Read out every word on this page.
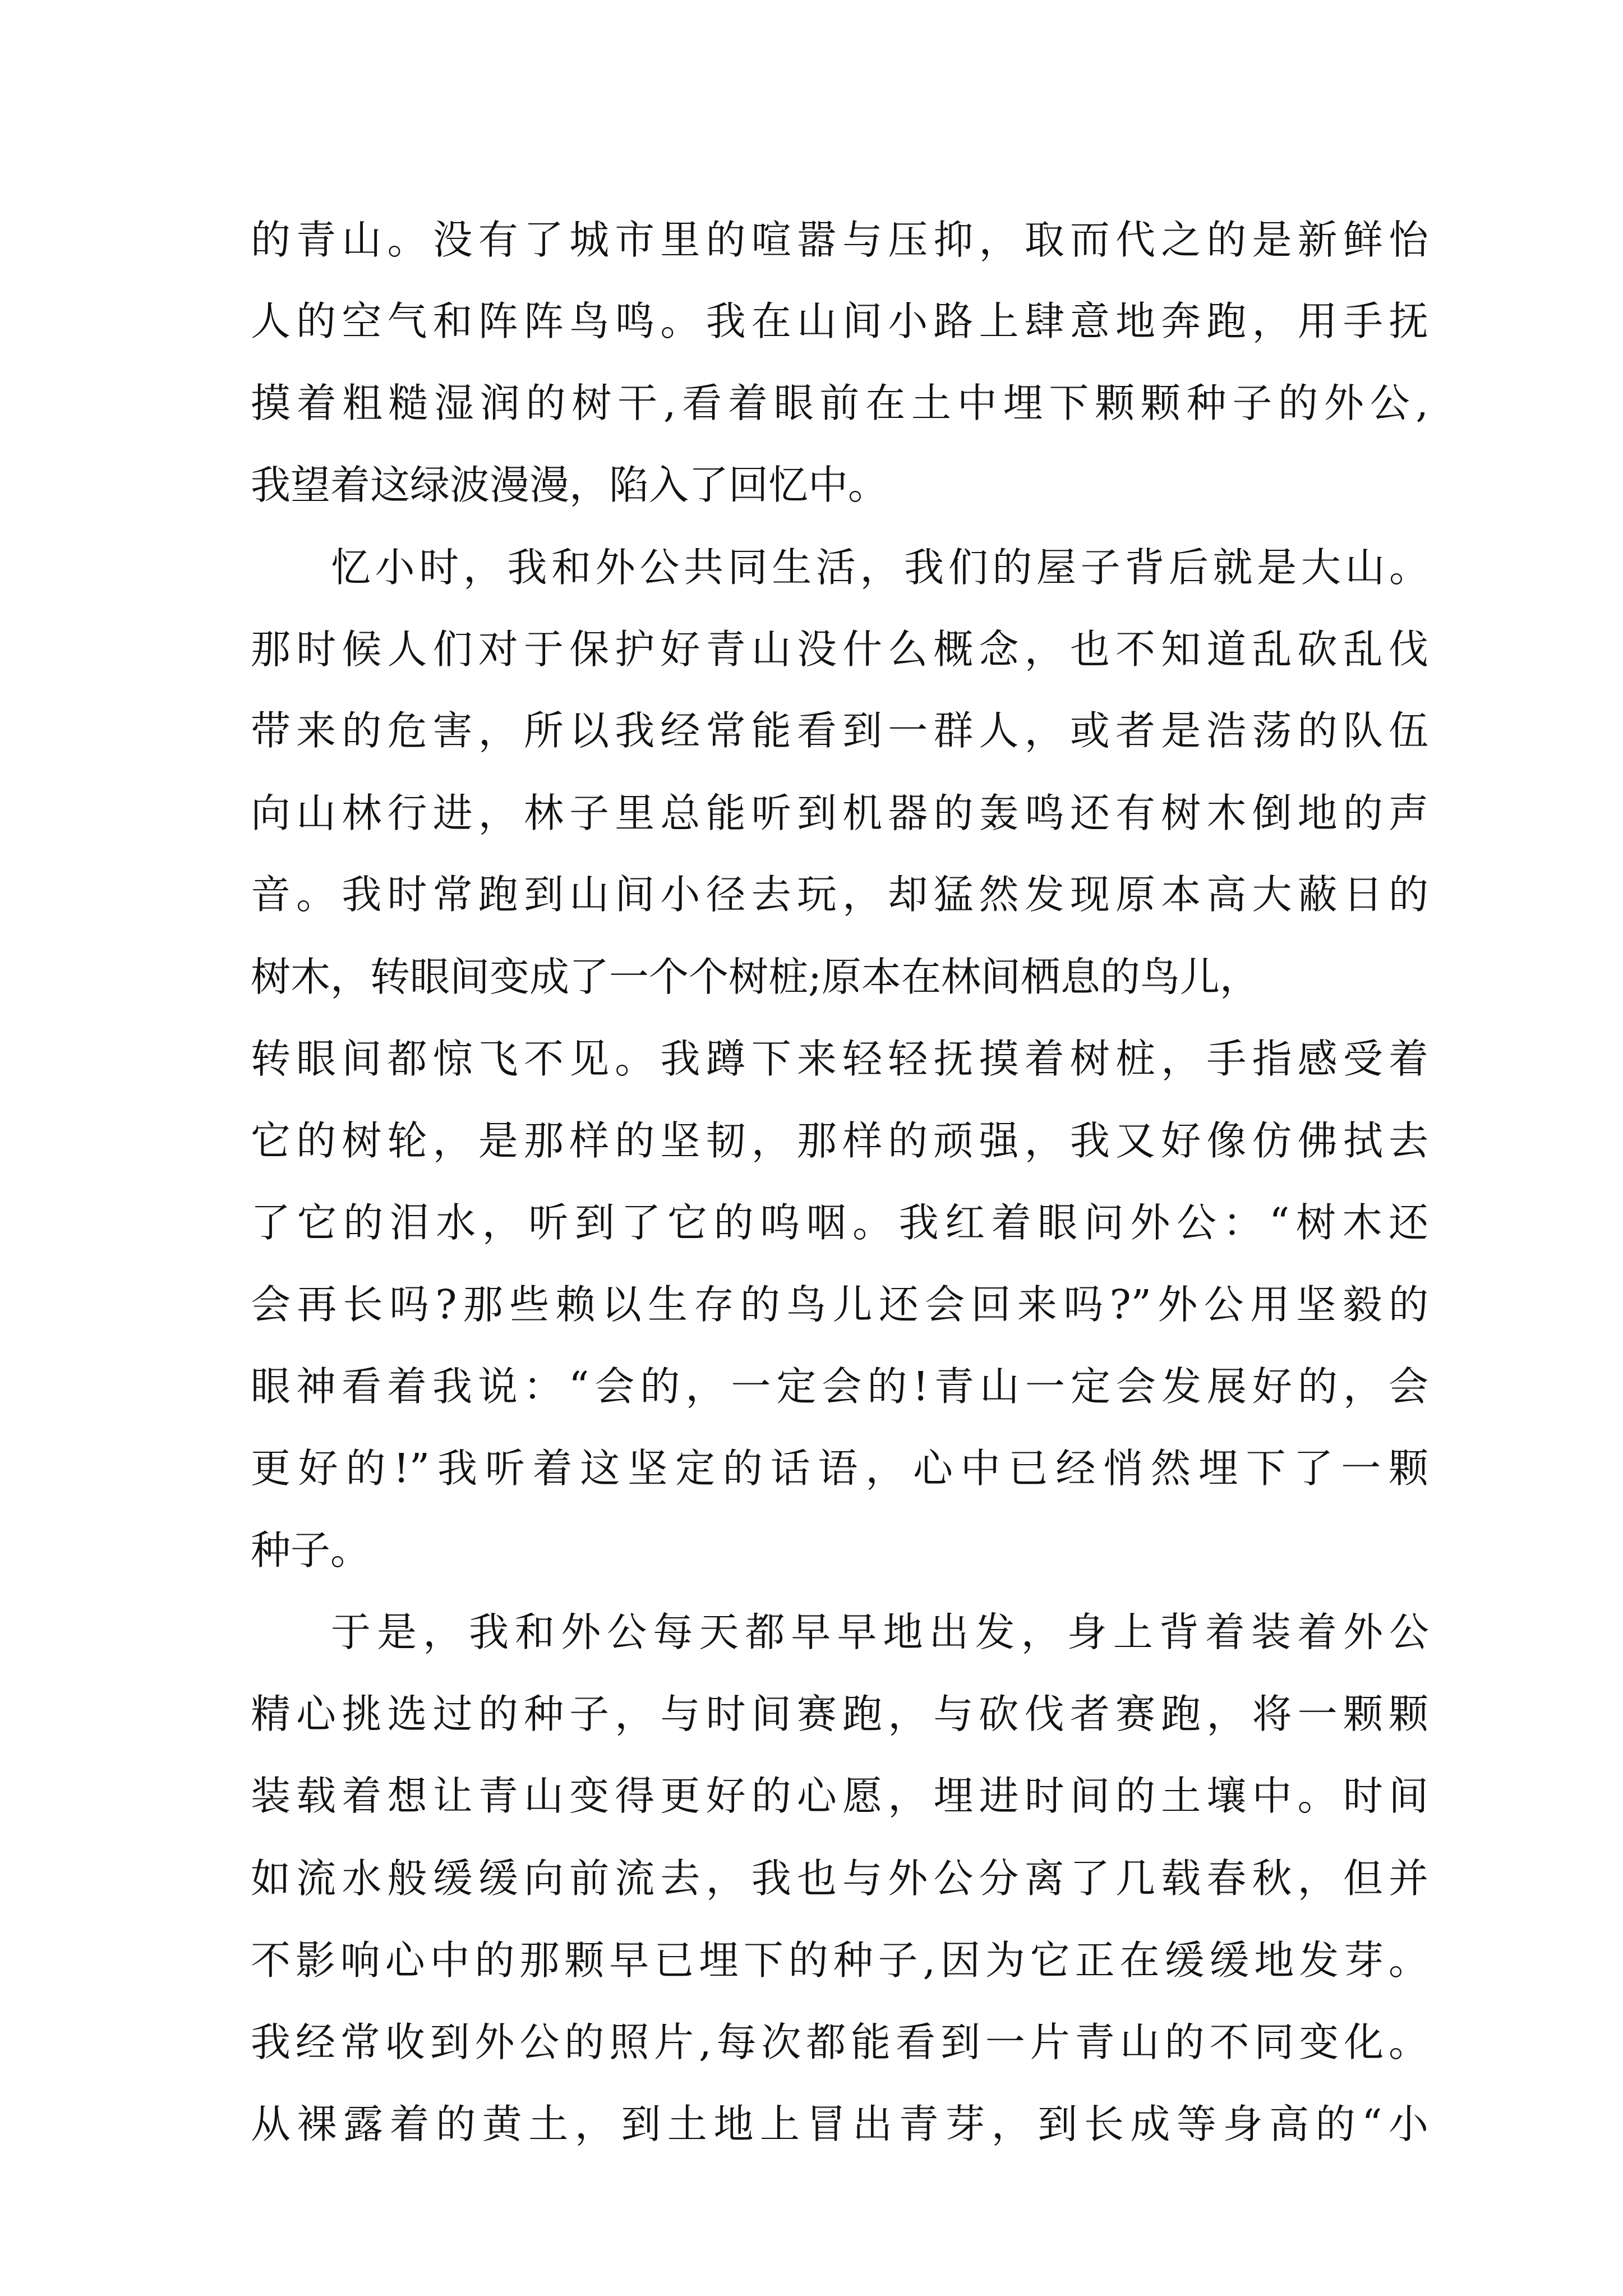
的青山。没有了城市里的喧嚣与压抑，取而代之的是新鲜怡
人的空气和阵阵鸟鸣。我在山间小路上肆意地奔跑，用手抚
摸着粗糙湿润的树干,看着眼前在土中埋下颗颗种子的外公,
我望着这绿波漫漫，陷入了回忆中。
忆小时，我和外公共同生活，我们的屋子背后就是大山。
那时候人们对于保护好青山没什么概念，也不知道乱砍乱伐
带来的危害，所以我经常能看到一群人，或者是浩荡的队伍
向山林行进，林子里总能听到机器的轰鸣还有树木倒地的声
音。我时常跑到山间小径去玩，却猛然发现原本高大蔽日的
树木，转眼间变成了一个个树桩;原本在林间栖息的鸟儿，
转眼间都惊飞不见。我蹲下来轻轻抚摸着树桩，手指感受着
它的树轮，是那样的坚韧，那样的顽强，我又好像仿佛拭去
了它的泪水，听到了它的呜咽。我红着眼问外公：“树木还
会再长吗?那些赖以生存的鸟儿还会回来吗?”外公用坚毅的
眼神看着我说：“会的，一定会的!青山一定会发展好的，会
更好的!”我听着这坚定的话语，心中已经悄然埋下了一颗
种子。
于是，我和外公每天都早早地出发，身上背着装着外公
精心挑选过的种子，与时间赛跑，与砍伐者赛跑，将一颗颗
装载着想让青山变得更好的心愿，埋进时间的土壤中。时间
如流水般缓缓向前流去，我也与外公分离了几载春秋，但并
不影响心中的那颗早已埋下的种子,因为它正在缓缓地发芽。
我经常收到外公的照片,每次都能看到一片青山的不同变化。
从裸露着的黄土，到土地上冒出青芽，到长成等身高的“小
